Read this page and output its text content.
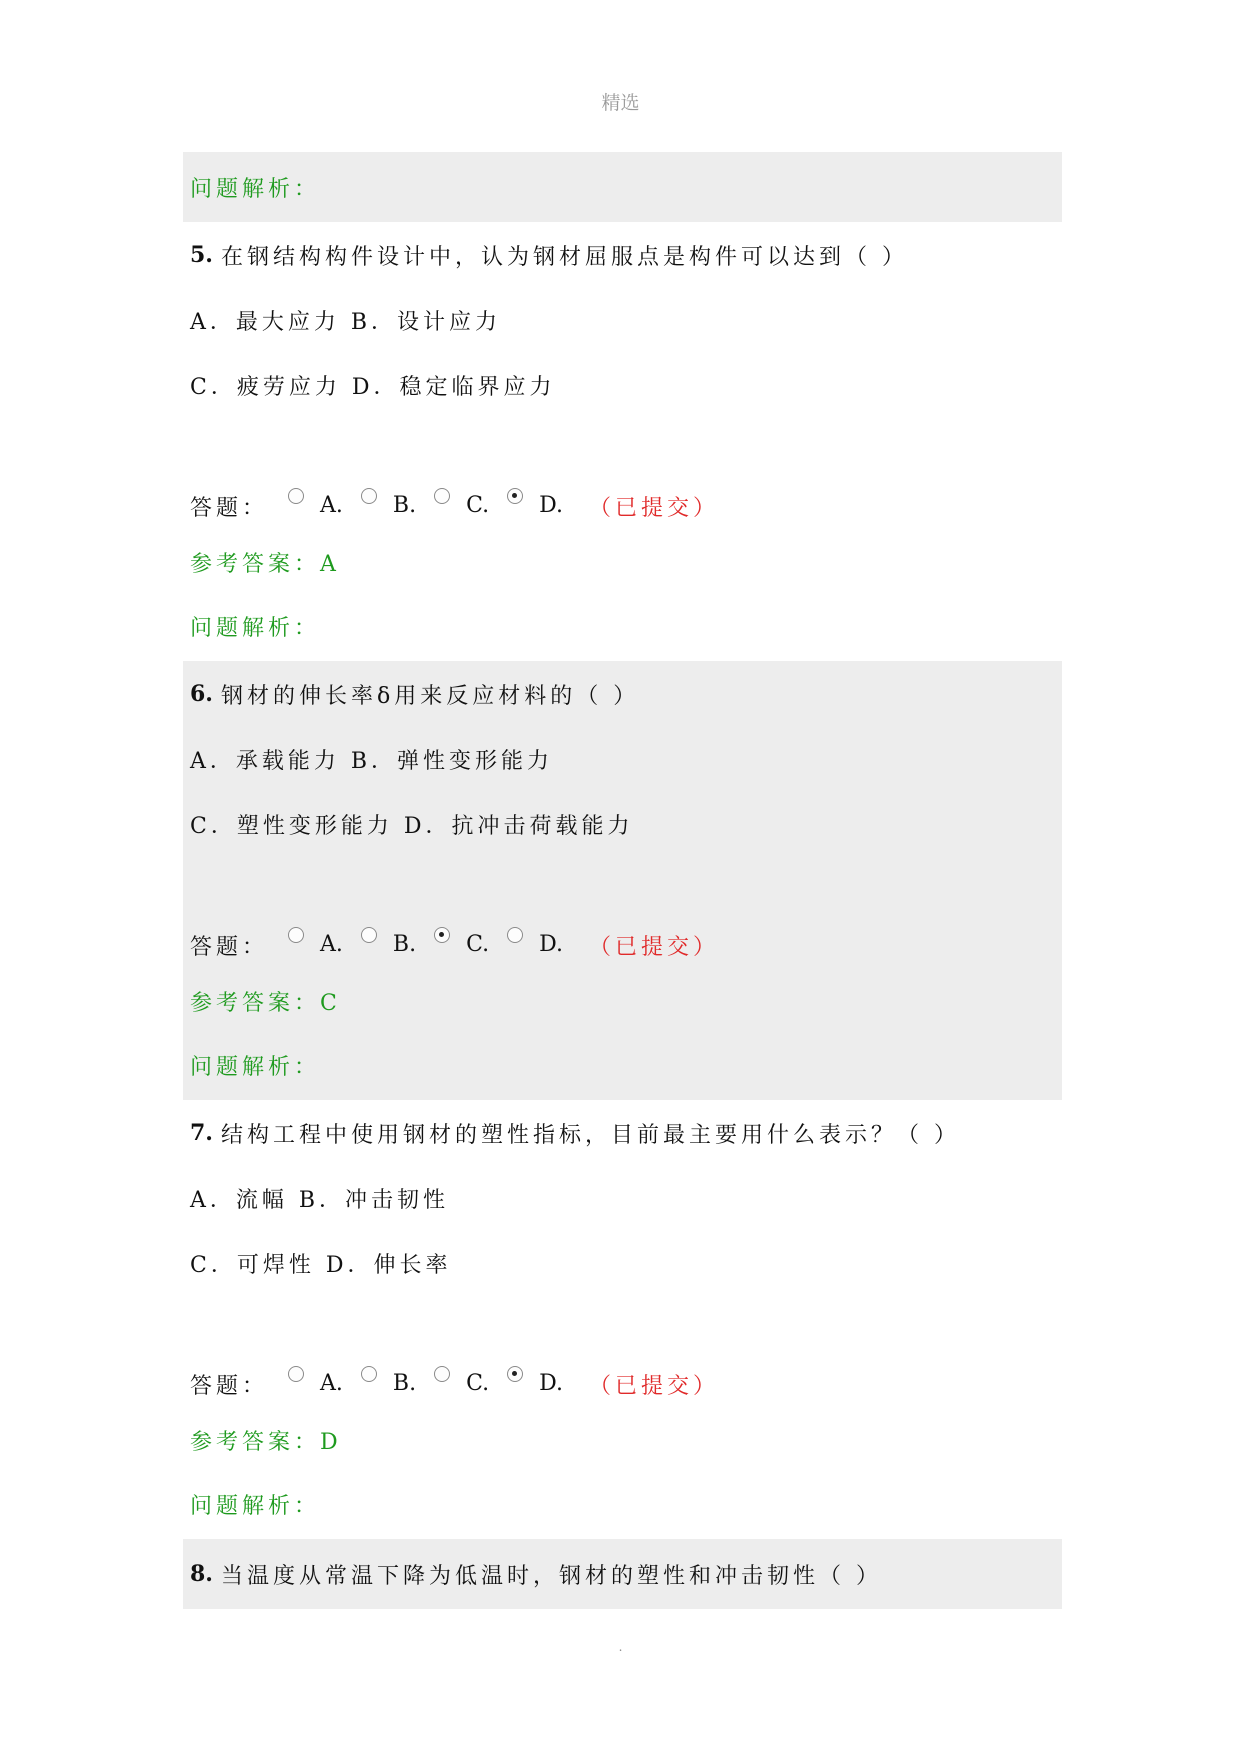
精选
问题解析：
5. 在钢结构构件设计中，认为钢材屈服点是构件可以达到（ ）
A．最大应力 B．设计应力
C．疲劳应力 D．稳定临界应力
答题： A. B. C. D. （已提交）
参考答案：A
问题解析：
6. 钢材的伸长率δ用来反应材料的（ ）
A．承载能力 B．弹性变形能力
C．塑性变形能力 D．抗冲击荷载能力
答题： A. B. C. D. （已提交）
参考答案：C
问题解析：
7. 结构工程中使用钢材的塑性指标，目前最主要用什么表示？（ ）
A．流幅 B．冲击韧性
C．可焊性 D．伸长率
答题： A. B. C. D. （已提交）
参考答案：D
问题解析：
8. 当温度从常温下降为低温时，钢材的塑性和冲击韧性（ ）
.
